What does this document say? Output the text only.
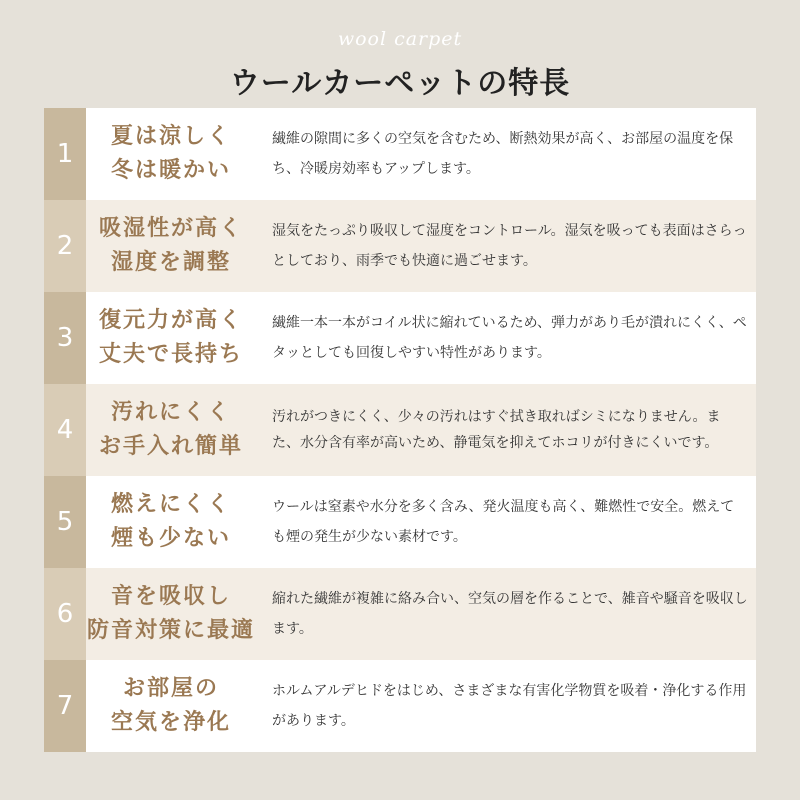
wool carpet
ウールカーペットの特長
1
夏は涼しく
冬は暖かい
繊維の隙間に多くの空気を含むため、断熱効果が高く、お部屋の温度を保ち、冷暖房効率もアップします。
2
吸湿性が高く
湿度を調整
湿気をたっぷり吸収して湿度をコントロール。湿気を吸っても表面はさらっとしており、雨季でも快適に過ごせます。
3
復元力が高く
丈夫で長持ち
繊維一本一本がコイル状に縮れているため、弾力があり毛が潰れにくく、ペタッとしても回復しやすい特性があります。
4
汚れにくく
お手入れ簡単
汚れがつきにくく、少々の汚れはすぐ拭き取ればシミになりません。また、水分含有率が高いため、静電気を抑えてホコリが付きにくいです。
5
燃えにくく
煙も少ない
ウールは窒素や水分を多く含み、発火温度も高く、難燃性で安全。燃えても煙の発生が少ない素材です。
6
音を吸収し
防音対策に最適
縮れた繊維が複雑に絡み合い、空気の層を作ることで、雑音や騒音を吸収します。
7
お部屋の
空気を浄化
ホルムアルデヒドをはじめ、さまざまな有害化学物質を吸着・浄化する作用があります。
